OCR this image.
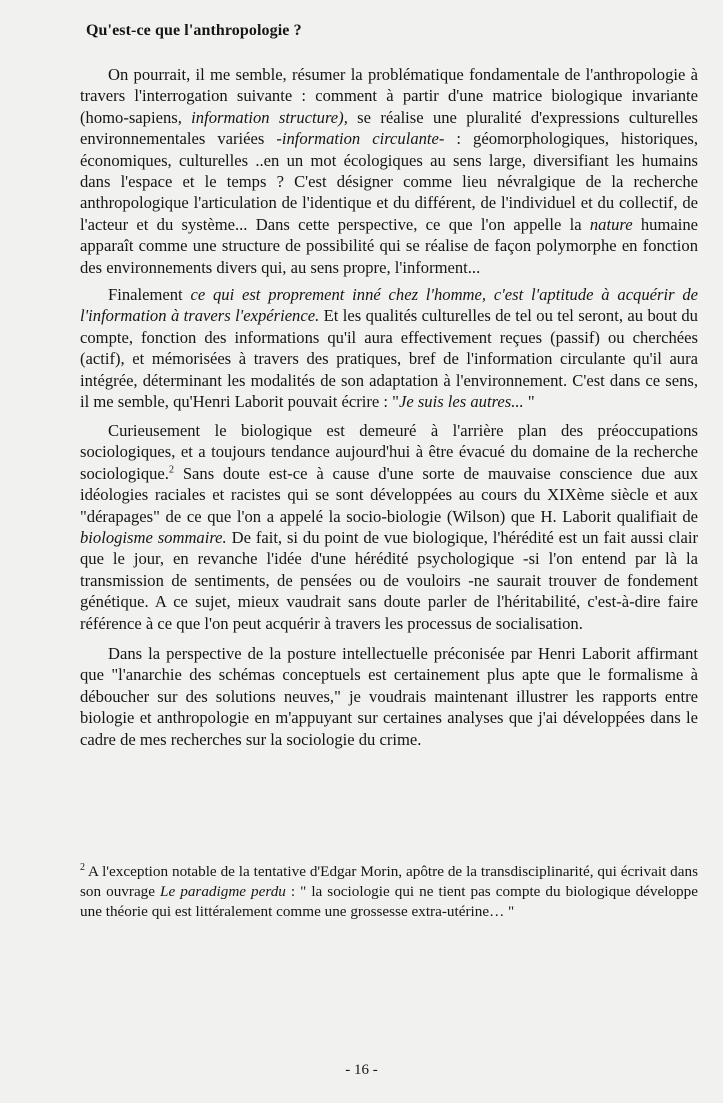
Qu'est-ce que l'anthropologie ?

On pourrait, il me semble, résumer la problématique fondamentale de l'anthropologie à travers l'interrogation suivante : comment à partir d'une matrice biologique invariante (homo-sapiens, information structure), se réalise une pluralité d'expressions culturelles environnementales variées -information circulante- : géomorphologiques, historiques, économiques, culturelles ..en un mot écologiques au sens large, diversifiant les humains dans l'espace et le temps ? C'est désigner comme lieu névralgique de la recherche anthropologique l'articulation de l'identique et du différent, de l'individuel et du collectif, de l'acteur et du système... Dans cette perspective, ce que l'on appelle la nature humaine apparaît comme une structure de possibilité qui se réalise de façon polymorphe en fonction des environnements divers qui, au sens propre, l'informent...

Finalement ce qui est proprement inné chez l'homme, c'est l'aptitude à acquérir de l'information à travers l'expérience. Et les qualités culturelles de tel ou tel seront, au bout du compte, fonction des informations qu'il aura effectivement reçues (passif) ou cherchées (actif), et mémorisées à travers des pratiques, bref de l'information circulante qu'il aura intégrée, déterminant les modalités de son adaptation à l'environnement. C'est dans ce sens, il me semble, qu'Henri Laborit pouvait écrire : "Je suis les autres... "

Curieusement le biologique est demeuré à l'arrière plan des préoccupations sociologiques, et a toujours tendance aujourd'hui à être évacué du domaine de la recherche sociologique.$^2$ Sans doute est-ce à cause d'une sorte de mauvaise conscience due aux idéologies raciales et racistes qui se sont développées au cours du XIXème siècle et aux "dérapages" de ce que l'on a appelé la socio-biologie (Wilson) que H. Laborit qualifiait de biologisme sommaire. De fait, si du point de vue biologique, l'hérédité est un fait aussi clair que le jour, en revanche l'idée d'une hérédité psychologique -si l'on entend par là la transmission de sentiments, de pensées ou de vouloirs -ne saurait trouver de fondement génétique. A ce sujet, mieux vaudrait sans doute parler de l'héritabilité, c'est-à-dire faire référence à ce que l'on peut acquérir à travers les processus de socialisation.

Dans la perspective de la posture intellectuelle préconisée par Henri Laborit affirmant que "l'anarchie des schémas conceptuels est certainement plus apte que le formalisme à déboucher sur des solutions neuves," je voudrais maintenant illustrer les rapports entre biologie et anthropologie en m'appuyant sur certaines analyses que j'ai développées dans le cadre de mes recherches sur la sociologie du crime.

$^2$ A l'exception notable de la tentative d'Edgar Morin, apôtre de la transdisciplinarité, qui écrivait dans son ouvrage Le paradigme perdu : " la sociologie qui ne tient pas compte du biologique développe une théorie qui est littéralement comme une grossesse extra-utérine… "

- 16 -
